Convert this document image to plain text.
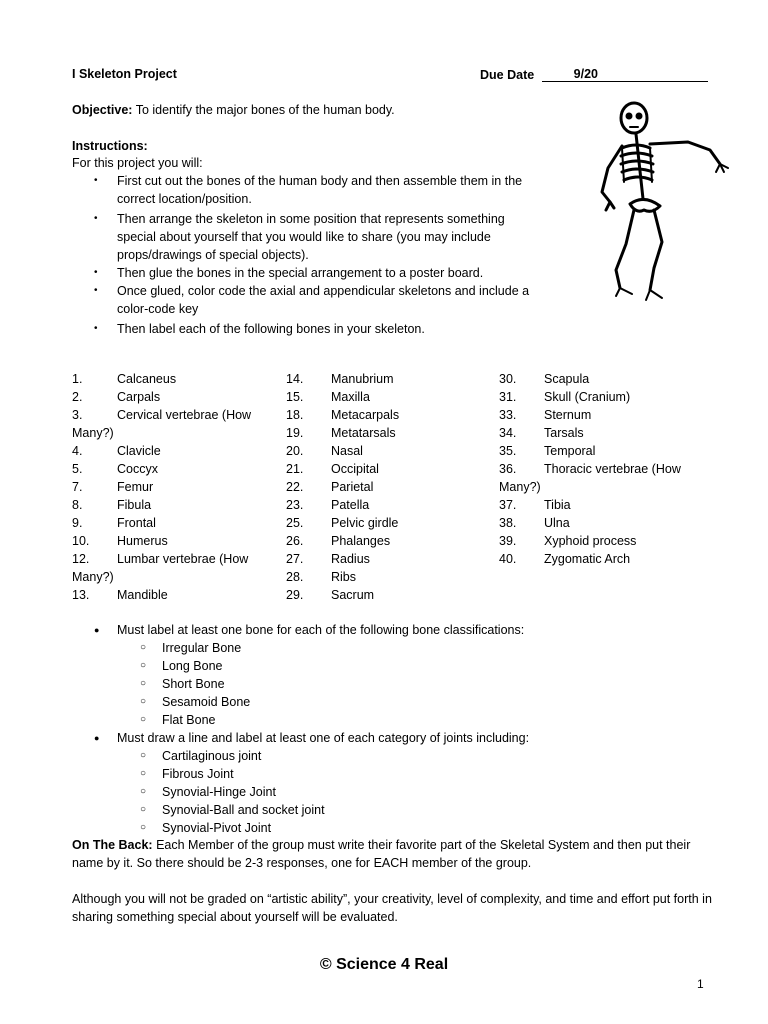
I Skeleton Project	Due Date	9/20
Objective: To identify the major bones of the human body.
Instructions:
For this project you will:
• First cut out the bones of the human body and then assemble them in the correct location/position.
• Then arrange the skeleton in some position that represents something special about yourself that you would like to share (you may include props/drawings of special objects).
• Then glue the bones in the special arrangement to a poster board.
• Once glued, color code the axial and appendicular skeletons and include a color-code key
• Then label each of the following bones in your skeleton.
1.	Calcaneus
2.	Carpals
3.	Cervical vertebrae (How
Many?)
4.	Clavicle
5.	Coccyx
7.	Femur
8.	Fibula
9.	Frontal
10. Humerus
12. Lumbar vertebrae (How
Many?)
13. Mandible
14. Manubrium
15. Maxilla
18. Metacarpals
19. Metatarsals
20. Nasal
21. Occipital
22. Parietal
23. Patella
25. Pelvic girdle
26. Phalanges
27. Radius
28. Ribs
29. Sacrum
30. Scapula
31. Skull (Cranium)
33. Sternum
34. Tarsals
35. Temporal
36. Thoracic vertebrae (How
Many?)
37. Tibia
38. Ulna
39. Xyphoid process
40. Zygomatic Arch
● Must label at least one bone for each of the following bone classifications:
○ Irregular Bone
○ Long Bone
○ Short Bone
○ Sesamoid Bone
○ Flat Bone
● Must draw a line and label at least one of each category of joints including:
○ Cartilaginous joint
○ Fibrous Joint
○ Synovial-Hinge Joint
○ Synovial-Ball and socket joint
○ Synovial-Pivot Joint
On The Back: Each Member of the group must write their favorite part of the Skeletal System and then put their name by it. So there should be 2-3 responses, one for EACH member of the group.
Although you will not be graded on “artistic ability”, your creativity, level of complexity, and time and effort put forth in sharing something special about yourself will be evaluated.
© Science 4 Real
1
